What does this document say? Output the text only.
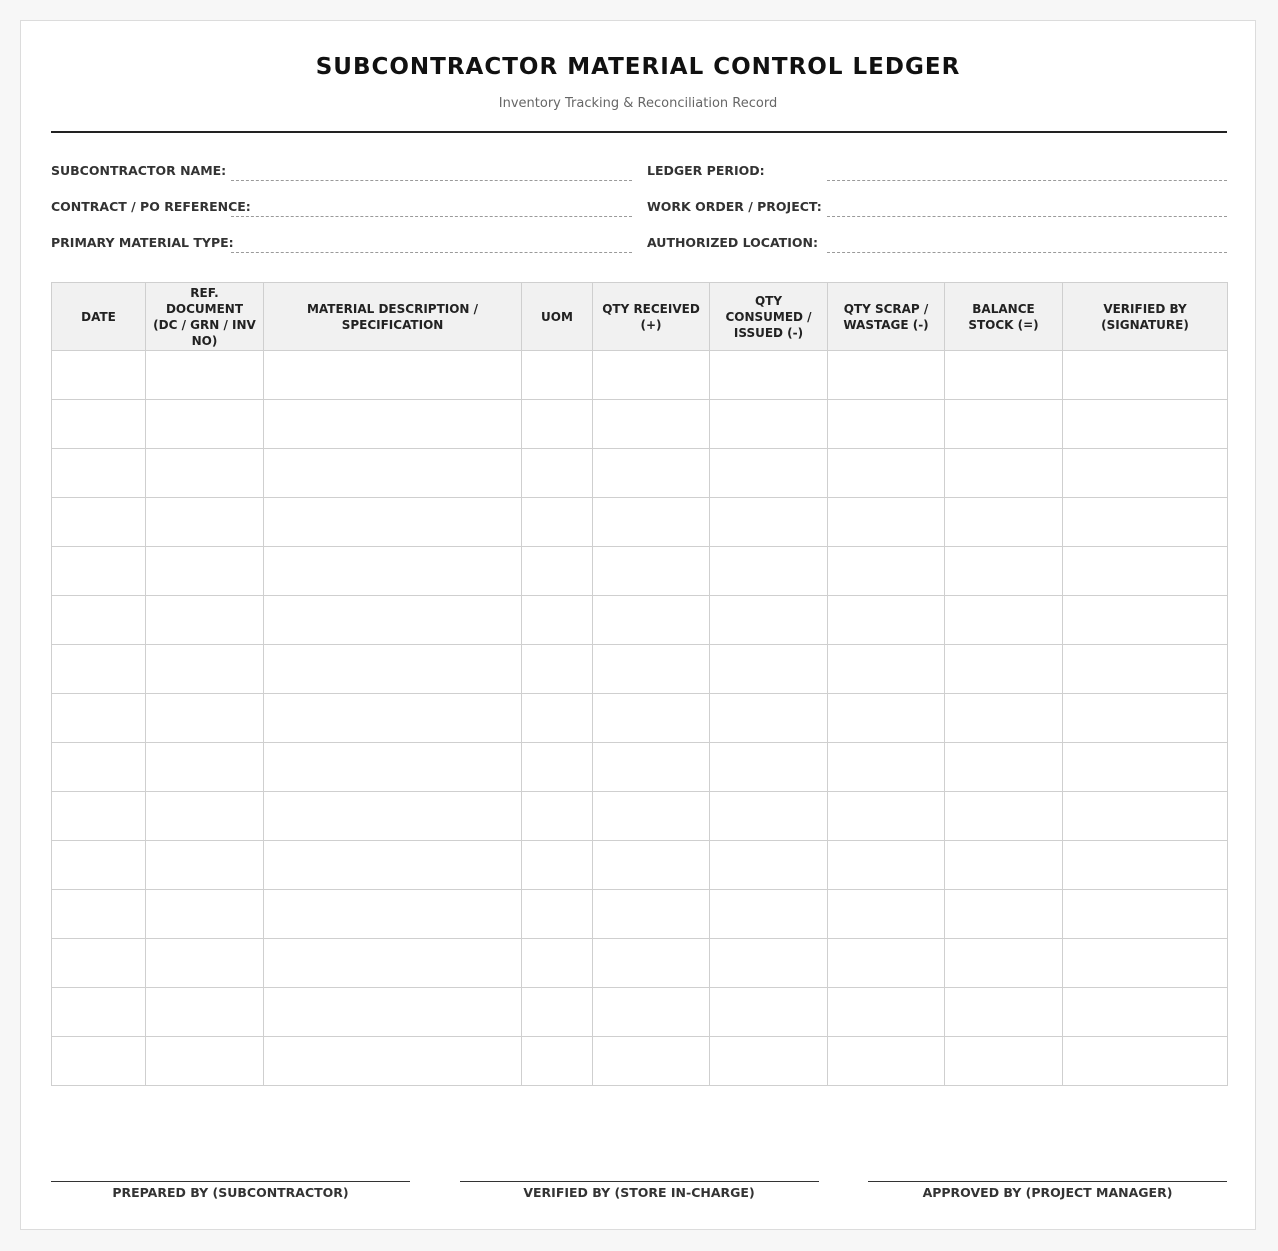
SUBCONTRACTOR MATERIAL CONTROL LEDGER
Inventory Tracking & Reconciliation Record
SUBCONTRACTOR NAME:	LEDGER PERIOD:
CONTRACT / PO REFERENCE:	WORK ORDER / PROJECT:
PRIMARY MATERIAL TYPE:	AUTHORIZED LOCATION:
DATE	REF. DOCUMENT (DC / GRN / INV NO)	MATERIAL DESCRIPTION / SPECIFICATION	UOM	QTY RECEIVED (+)	QTY CONSUMED / ISSUED (-)	QTY SCRAP / WASTAGE (-)	BALANCE STOCK (=)	VERIFIED BY (SIGNATURE)

PREPARED BY (SUBCONTRACTOR)	VERIFIED BY (STORE IN-CHARGE)	APPROVED BY (PROJECT MANAGER)
